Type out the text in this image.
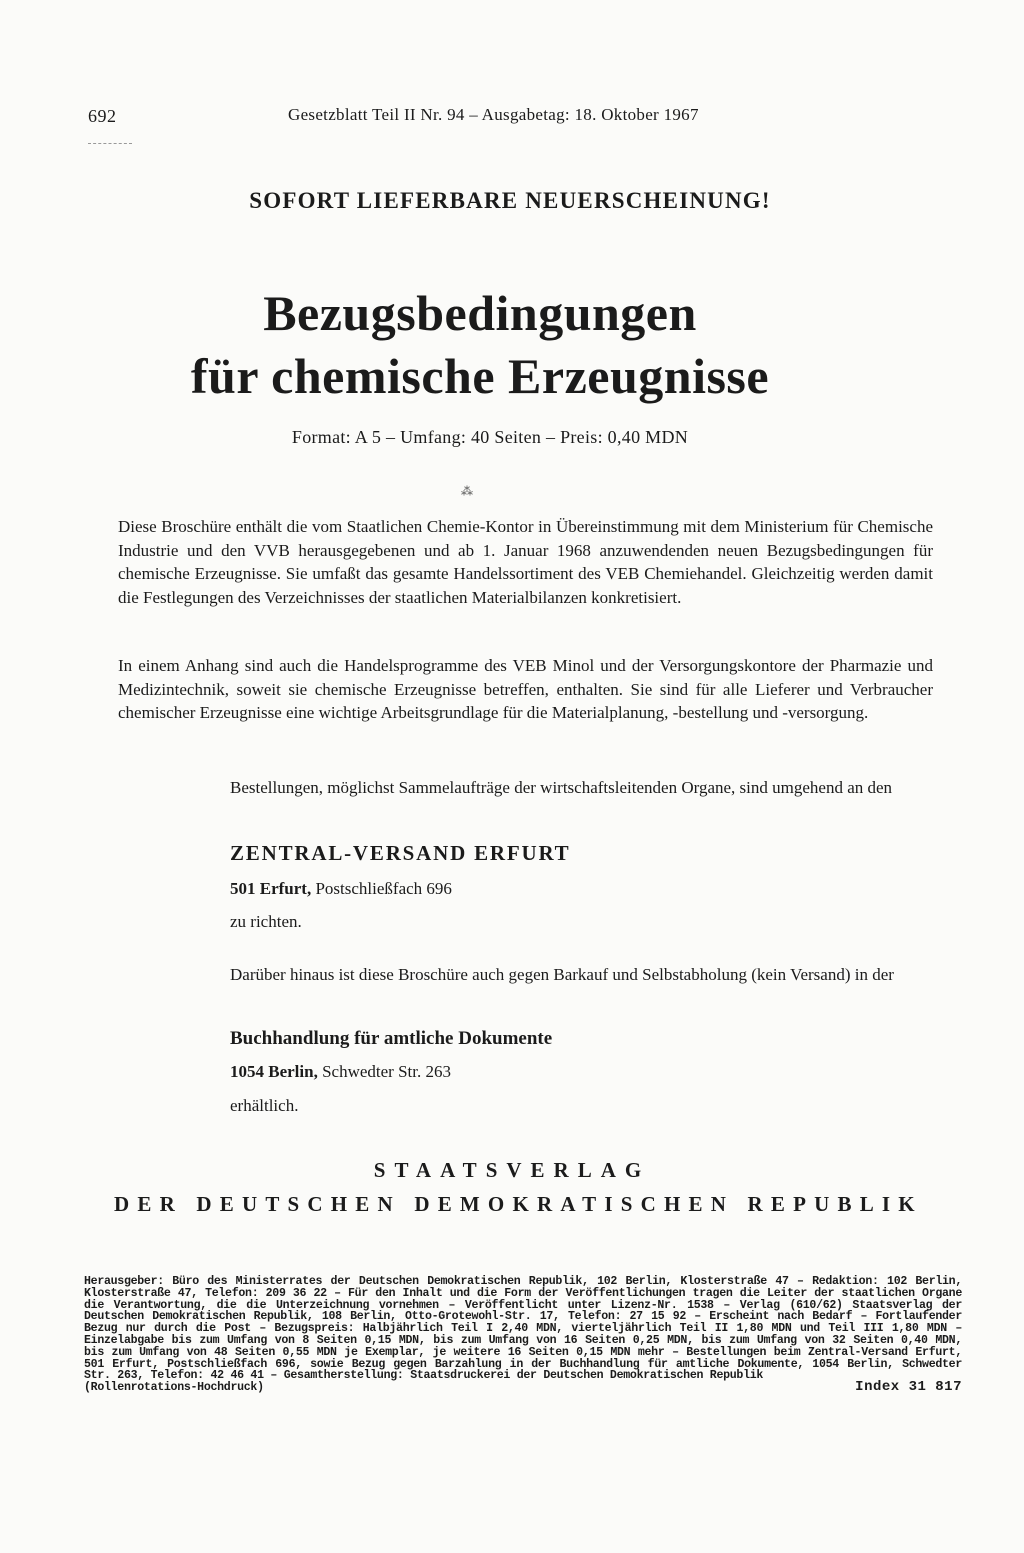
692	Gesetzblatt Teil II Nr. 94 – Ausgabetag: 18. Oktober 1967
SOFORT LIEFERBARE NEUERSCHEINUNG!
Bezugsbedingungen
für chemische Erzeugnisse
Format: A 5 – Umfang: 40 Seiten – Preis: 0,40 MDN
⁂

Diese Broschüre enthält die vom Staatlichen Chemie-Kontor in Übereinstimmung mit dem Ministerium für Chemische Industrie und den VVB herausgegebenen und ab 1. Januar 1968 anzuwendenden neuen Bezugsbedingungen für chemische Erzeugnisse. Sie umfaßt das gesamte Handelssortiment des VEB Chemiehandel. Gleichzeitig werden damit die Festlegungen des Verzeichnisses der staatlichen Materialbilanzen konkretisiert.

In einem Anhang sind auch die Handelsprogramme des VEB Minol und der Versorgungskontore der Pharmazie und Medizintechnik, soweit sie chemische Erzeugnisse betreffen, enthalten. Sie sind für alle Lieferer und Verbraucher chemischer Erzeugnisse eine wichtige Arbeitsgrundlage für die Materialplanung, -bestellung und -versorgung.

Bestellungen, möglichst Sammelaufträge der wirtschaftsleitenden Organe, sind umgehend an den

ZENTRAL-VERSAND ERFURT
501 Erfurt, Postschließfach 696
zu richten.

Darüber hinaus ist diese Broschüre auch gegen Barkauf und Selbstabholung (kein Versand) in der

Buchhandlung für amtliche Dokumente
1054 Berlin, Schwedter Str. 263
erhältlich.
STAATSVERLAG
DER DEUTSCHEN DEMOKRATISCHEN REPUBLIK
Herausgeber: Büro des Ministerrates der Deutschen Demokratischen Republik, 102 Berlin, Klosterstraße 47 – Redaktion: 102 Berlin, Klosterstraße 47, Telefon: 209 36 22 – Für den Inhalt und die Form der Veröffentlichungen tragen die Leiter der staatlichen Organe die Verantwortung, die die Unterzeichnung vornehmen – Veröffentlicht unter Lizenz-Nr. 1538 – Verlag (610/62) Staatsverlag der Deutschen Demokratischen Republik, 108 Berlin, Otto-Grotewohl-Str. 17, Telefon: 27 15 92 – Erscheint nach Bedarf – Fortlaufender Bezug nur durch die Post – Bezugspreis: Halbjährlich Teil I 2,40 MDN, vierteljährlich Teil II 1,80 MDN und Teil III 1,80 MDN – Einzelabgabe bis zum Umfang von 8 Seiten 0,15 MDN, bis zum Umfang von 16 Seiten 0,25 MDN, bis zum Umfang von 32 Seiten 0,40 MDN, bis zum Umfang von 48 Seiten 0,55 MDN je Exemplar, je weitere 16 Seiten 0,15 MDN mehr – Bestellungen beim Zentral-Versand Erfurt, 501 Erfurt, Postschließfach 696, sowie Bezug gegen Barzahlung in der Buchhandlung für amtliche Dokumente, 1054 Berlin, Schwedter Str. 263, Telefon: 42 46 41 – Gesamtherstellung: Staatsdruckerei der Deutschen Demokratischen Republik
(Rollenrotations-Hochdruck)	Index 31 817
